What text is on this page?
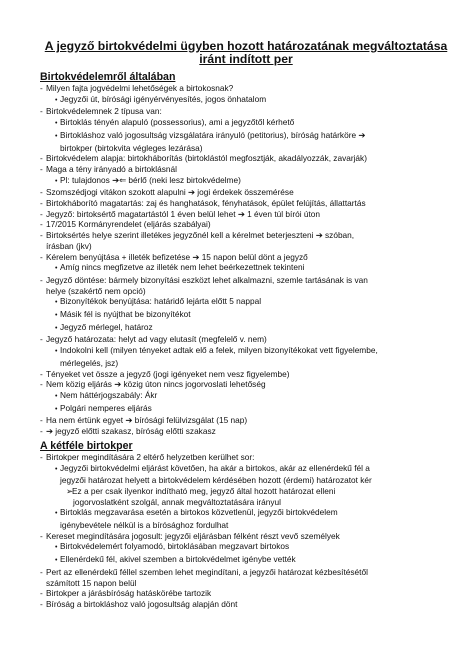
A jegyző birtokvédelmi ügyben hozott határozatának megváltoztatása
iránt indított per
Birtokvédelemről általában
-Milyen fajta jogvédelmi lehetőségek a birtokosnak?
• Jegyzői út, bírósági igényérvényesítés, jogos önhatalom
-Birtokvédelemnek 2 típusa van:
• Birtoklás tényén alapuló (possessorius), ami a jegyzőtől kérhető
• Birtokláshoz való jogosultság vizsgálatára irányuló (petitorius), bíróság határköre ➔
birtokper (birtokvita végleges lezárása)
-Birtokvédelem alapja: birtokháborítás (birtoklástól megfosztják, akadályozzák, zavarják)
-Maga a tény irányadó a birtoklásnál
• Pl: tulajdonos ➔⇐ bérlő (neki lesz birtokvédelme)
-Szomszédjogi vitákon szokott alapulni ➔ jogi érdekek összemérése
-Birtokháborító magatartás: zaj és hanghatások, fényhatások, épület felújítás, állattartás
-Jegyző: birtoksértő magatartástól 1 éven belül lehet ➔ 1 éven túl bírói úton
-17/2015 Kormányrendelet (eljárás szabályai)
-Birtoksértés helye szerint illetékes jegyzőnél kell a kérelmet beterjeszteni ➔ szóban,
írásban (jkv)
-Kérelem benyújtása + illeték befizetése ➔ 15 napon belül dönt a jegyző
• Amíg nincs megfizetve az illeték nem lehet beérkezettnek tekinteni
-Jegyző döntése: bármely bizonyítási eszközt lehet alkalmazni, szemle tartásának is van
helye (szakértő nem opció)
• Bizonyítékok benyújtása: határidő lejárta előtt 5 nappal
• Másik fél is nyújthat be bizonyítékot
• Jegyző mérlegel, határoz
-Jegyző határozata: helyt ad vagy elutasít (megfelelő v. nem)
• Indokolni kell (milyen tényeket adtak elő a felek, milyen bizonyítékokat vett figyelembe,
mérlegelés, jsz)
-Tényeket vet össze a jegyző (jogi igényeket nem vesz figyelembe)
-Nem közig eljárás ➔ közig úton nincs jogorvoslati lehetőség
• Nem háttérjogszabály: Ákr
• Polgári nemperes eljárás
-Ha nem értünk egyet ➔ bírósági felülvizsgálat (15 nap)
-➔ jegyző előtti szakasz, bíróság előtti szakasz
A kétféle birtokper
-Birtokper megindítására 2 eltérő helyzetben kerülhet sor:
• Jegyzői birtokvédelmi eljárást követően, ha akár a birtokos, akár az ellenérdekű fél a
jegyzői határozat helyett a birtokvédelem kérdésében hozott (érdemi) határozatot kér
➢Ez a per csak ilyenkor indítható meg, jegyző által hozott határozat elleni
jogorvoslatként szolgál, annak megváltoztatására irányul
• Birtoklás megzavarása esetén a birtokos közvetlenül, jegyzői birtokvédelem
igénybevétele nélkül is a bírósághoz fordulhat
-Kereset megindítására jogosult: jegyzői eljárásban félként részt vevő személyek
• Birtokvédelemért folyamodó, birtoklásában megzavart birtokos
• Ellenérdekű fél, akivel szemben a birtokvédelmet igénybe vették
-Pert az ellenérdekű féllel szemben lehet megindítani, a jegyzői határozat kézbesítésétől
számított 15 napon belül
-Birtokper a járásbíróság hatáskörébe tartozik
-Bíróság a birtokláshoz való jogosultság alapján dönt
